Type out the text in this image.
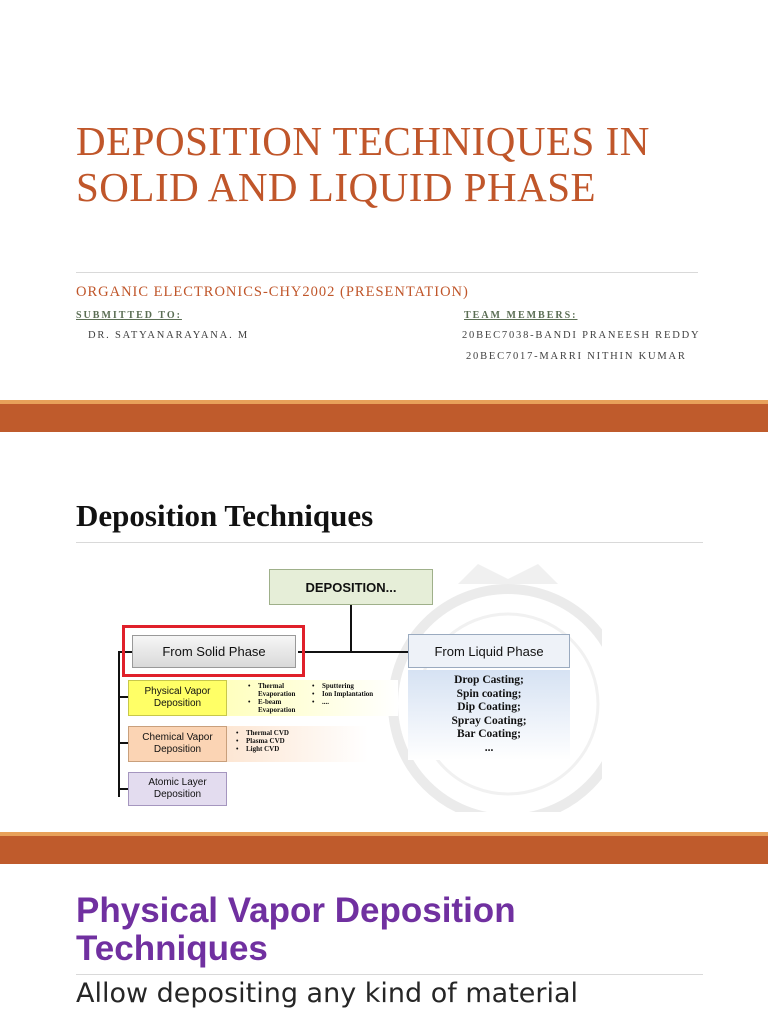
DEPOSITION TECHNIQUES IN
SOLID AND LIQUID PHASE
ORGANIC ELECTRONICS-CHY2002 (PRESENTATION)
SUBMITTED TO:
DR. SATYANARAYANA. M
TEAM MEMBERS:
20BEC7038-BANDI PRANEESH REDDY
20BEC7017-MARRI NITHIN KUMAR
Deposition Techniques
DEPOSITION...
From Solid Phase	From Liquid Phase
Drop Casting;
Spin coating;
Dip Coating;
Spray Coating;
Bar Coating;
...
Physical Vapor Deposition
• Thermal
Evaporation
• E-beam
Evaporation
• Sputtering
• Ion Implantation
• ....
Chemical Vapor Deposition
• Thermal CVD
• Plasma CVD
• Light CVD
Atomic Layer Deposition
Physical Vapor Deposition Techniques
Allow depositing any kind of material
